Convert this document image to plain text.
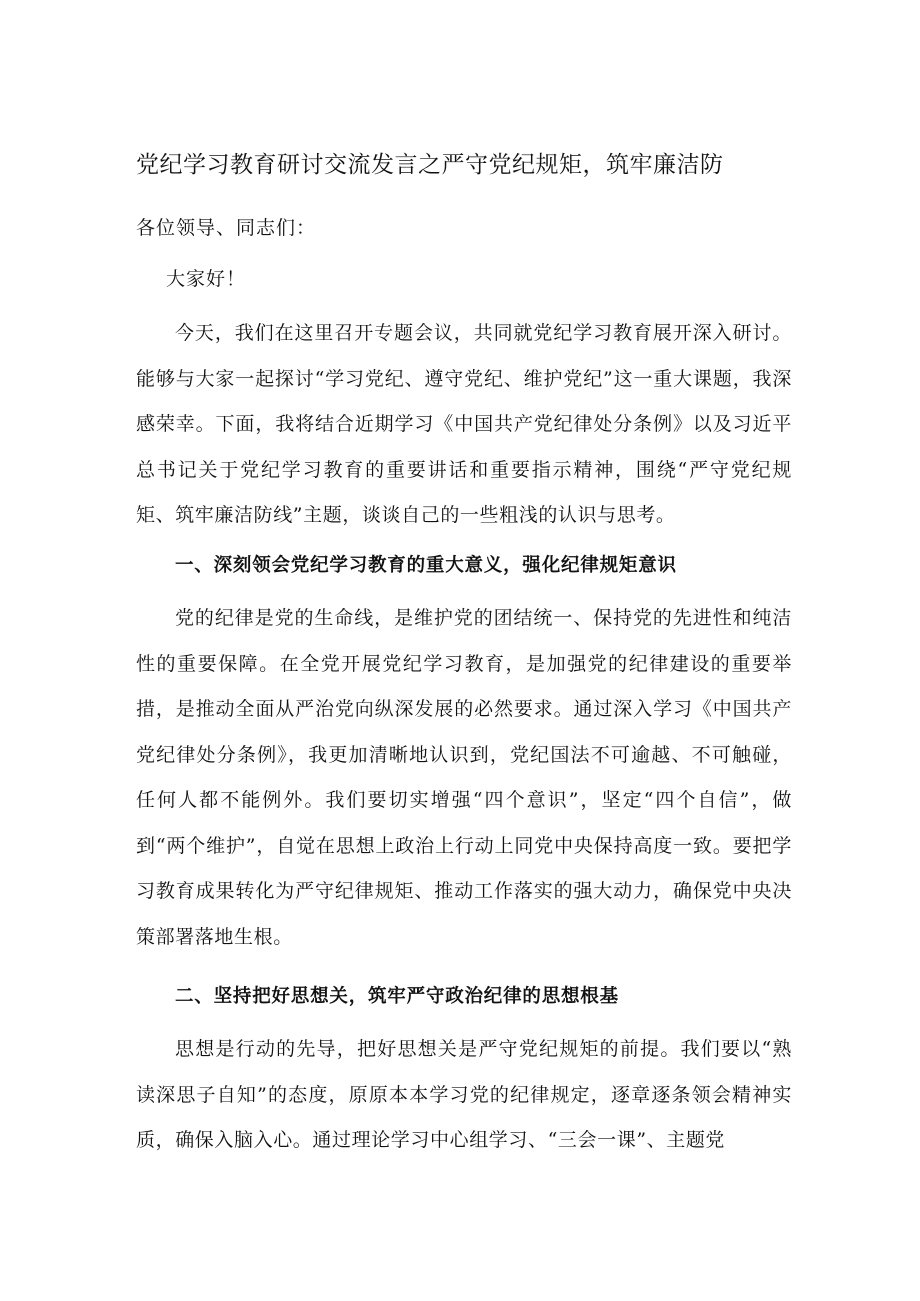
党纪学习教育研讨交流发言之严守党纪规矩，筑牢廉洁防
各位领导、同志们：
大家好！

今天，我们在这里召开专题会议，共同就党纪学习教育展开深入研讨。能够与大家一起探讨“学习党纪、遵守党纪、维护党纪”这一重大课题，我深感荣幸。下面，我将结合近期学习《中国共产党纪律处分条例》以及习近平总书记关于党纪学习教育的重要讲话和重要指示精神，围绕“严守党纪规矩、筑牢廉洁防线”主题，谈谈自己的一些粗浅的认识与思考。

一、深刻领会党纪学习教育的重大意义，强化纪律规矩意识

党的纪律是党的生命线，是维护党的团结统一、保持党的先进性和纯洁性的重要保障。在全党开展党纪学习教育，是加强党的纪律建设的重要举措，是推动全面从严治党向纵深发展的必然要求。通过深入学习《中国共产党纪律处分条例》，我更加清晰地认识到，党纪国法不可逾越、不可触碰，任何人都不能例外。我们要切实增强“四个意识”，坚定“四个自信”，做到“两个维护”，自觉在思想上政治上行动上同党中央保持高度一致。要把学习教育成果转化为严守纪律规矩、推动工作落实的强大动力，确保党中央决策部署落地生根。

二、坚持把好思想关，筑牢严守政治纪律的思想根基

思想是行动的先导，把好思想关是严守党纪规矩的前提。我们要以“熟读深思子自知”的态度，原原本本学习党的纪律规定，逐章逐条领会精神实质，确保入脑入心。通过理论学习中心组学习、“三会一课”、主题党
